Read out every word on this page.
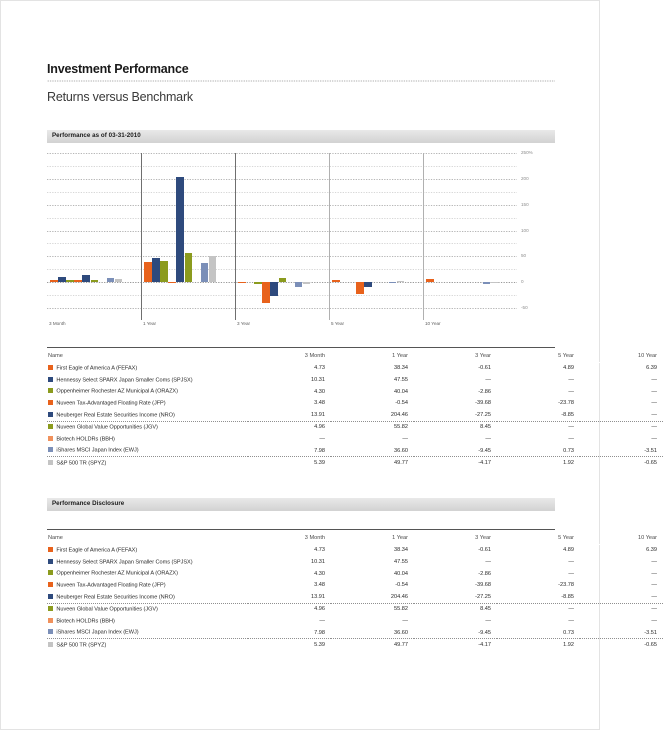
Investment Performance
Returns versus Benchmark
Performance as of 03-31-2010
250%
200
150
100
50
0
-50
3 Month	1 Year	3 Year	5 Year	10 Year
Name	3 Month	1 Year	3 Year	5 Year	10 Year
First Eagle of America A (FEFAX)	4.73	38.34	-0.61	4.89	6.39
Hennessy Select SPARX Japan Smaller Coms (SPJSX)	10.31	47.55	—	—	—
Oppenheimer Rochester AZ Municipal A (ORAZX)	4.30	40.04	-2.86	—	—
Nuveen Tax-Advantaged Floating Rate (JFP)	3.48	-0.54	-39.68	-23.78	—
Neuberger Real Estate Securities Income (NRO)	13.91	204.46	-27.25	-8.85	—
Nuveen Global Value Opportunities (JGV)	4.96	55.82	8.45	—	—
Biotech HOLDRs (BBH)	—	—	—	—	—
iShares MSCI Japan Index (EWJ)	7.98	36.60	-9.45	0.73	-3.51
S&P 500 TR (SPYZ)	5.39	49.77	-4.17	1.92	-0.65
Performance Disclosure
Name	3 Month	1 Year	3 Year	5 Year	10 Year
First Eagle of America A (FEFAX)	4.73	38.34	-0.61	4.89	6.39
Hennessy Select SPARX Japan Smaller Coms (SPJSX)	10.31	47.55	—	—	—
Oppenheimer Rochester AZ Municipal A (ORAZX)	4.30	40.04	-2.86	—	—
Nuveen Tax-Advantaged Floating Rate (JFP)	3.48	-0.54	-39.68	-23.78	—
Neuberger Real Estate Securities Income (NRO)	13.91	204.46	-27.25	-8.85	—
Nuveen Global Value Opportunities (JGV)	4.96	55.82	8.45	—	—
Biotech HOLDRs (BBH)	—	—	—	—	—
iShares MSCI Japan Index (EWJ)	7.98	36.60	-9.45	0.73	-3.51
S&P 500 TR (SPYZ)	5.39	49.77	-4.17	1.92	-0.65
